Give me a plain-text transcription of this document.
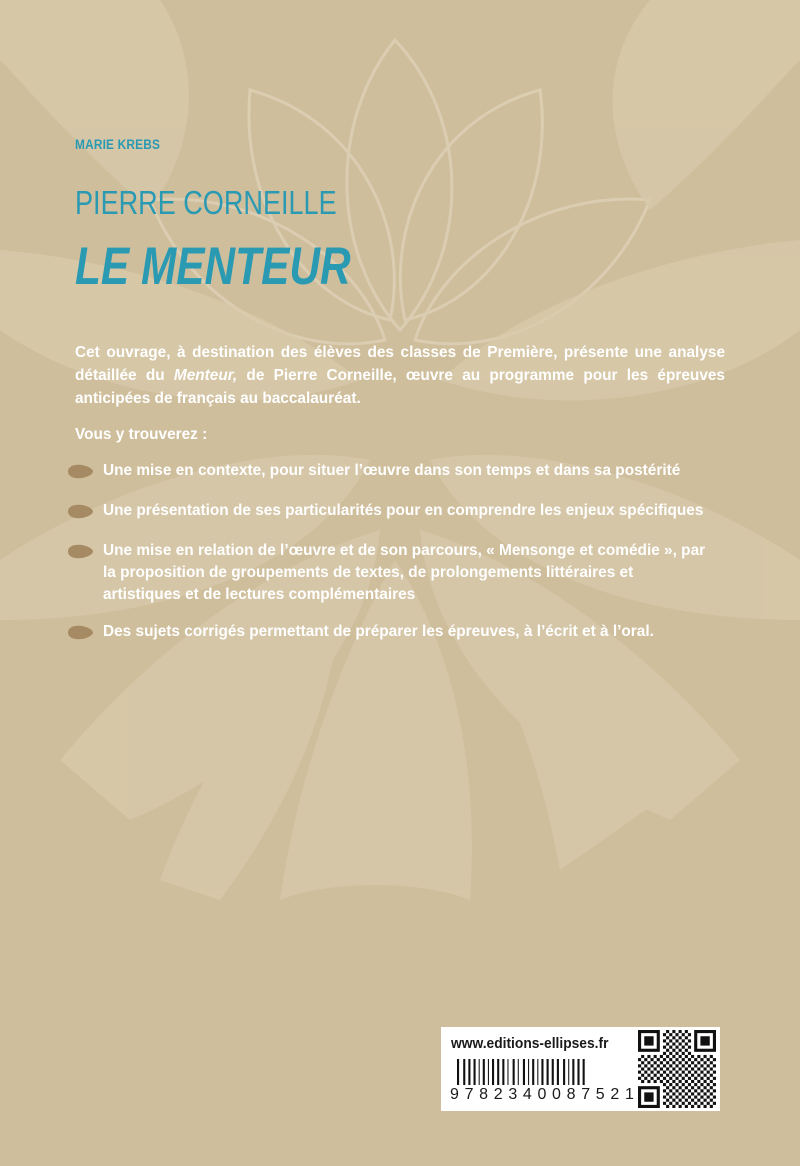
MARIE KREBS
PIERRE CORNEILLE
LE MENTEUR
Cet ouvrage, à destination des élèves des classes de Première, présente une analyse détaillée du Menteur, de Pierre Corneille, œuvre au programme pour les épreuves anticipées de français au baccalauréat.
Vous y trouverez :
Une mise en contexte, pour situer l’œuvre dans son temps et dans sa postérité
Une présentation de ses particularités pour en comprendre les enjeux spécifiques
Une mise en relation de l’œuvre et de son parcours, « Mensonge et comédie », par la proposition de groupements de textes, de prolongements littéraires et artistiques et de lectures complémentaires
Des sujets corrigés permettant de préparer les épreuves, à l’écrit et à l’oral.
www.editions-ellipses.fr
9 7 8 2 3 4 0 0 8 7 5 2 1
